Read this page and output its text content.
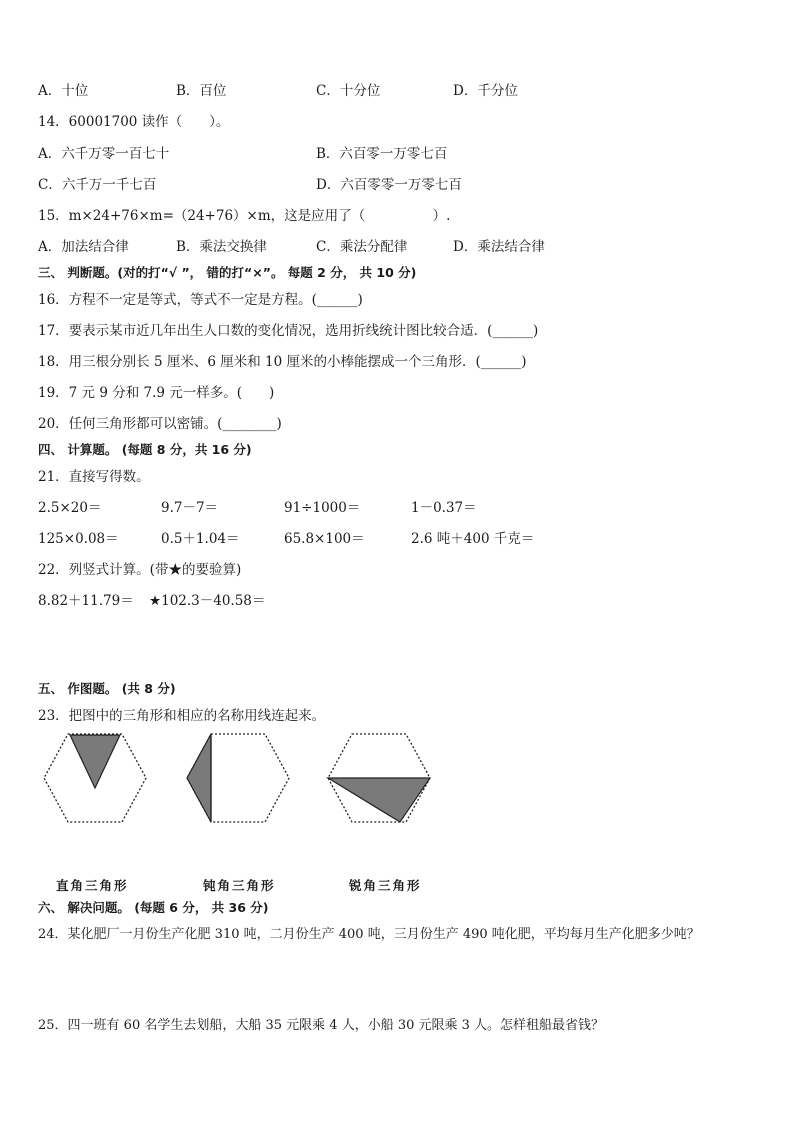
A．十位	B．百位	C．十分位	D．千分位
14．60001700 读作（　　）。
A．六千万零一百七十	B．六百零一万零七百
C．六千万一千七百	D．六百零零一万零七百
15．m×24+76×m=（24+76）×m，这是应用了（　　　　　）.
A．加法结合律	B．乘法交换律	C．乘法分配律	D．乘法结合律
三、 判断题。(对的打“√ ”， 错的打“×”。 每题 2 分， 共 10 分)
16．方程不一定是等式，等式不一定是方程。(______)
17．要表示某市近几年出生人口数的变化情况，选用折线统计图比较合适．(______)
18．用三根分别长 5 厘米、6 厘米和 10 厘米的小棒能摆成一个三角形．(______)
19．7 元 9 分和 7.9 元一样多。(　　)
20．任何三角形都可以密铺。(________)
四、 计算题。 (每题 8 分，共 16 分)
21．直接写得数。
2.5×20＝	9.7－7＝	91÷1000＝	1－0.37＝
125×0.08＝	0.5＋1.04＝	65.8×100＝	2.6 吨＋400 千克＝
22．列竖式计算。(带★的要验算)
8.82＋11.79＝ ★102.3－40.58＝
五、 作图题。 (共 8 分)
23．把图中的三角形和相应的名称用线连起来。
直角三角形	钝角三角形	锐角三角形
六、 解决问题。 (每题 6 分， 共 36 分)
24．某化肥厂一月份生产化肥 310 吨，二月份生产 400 吨，三月份生产 490 吨化肥，平均每月生产化肥多少吨？
25．四一班有 60 名学生去划船，大船 35 元限乘 4 人，小船 30 元限乘 3 人。怎样租船最省钱？
